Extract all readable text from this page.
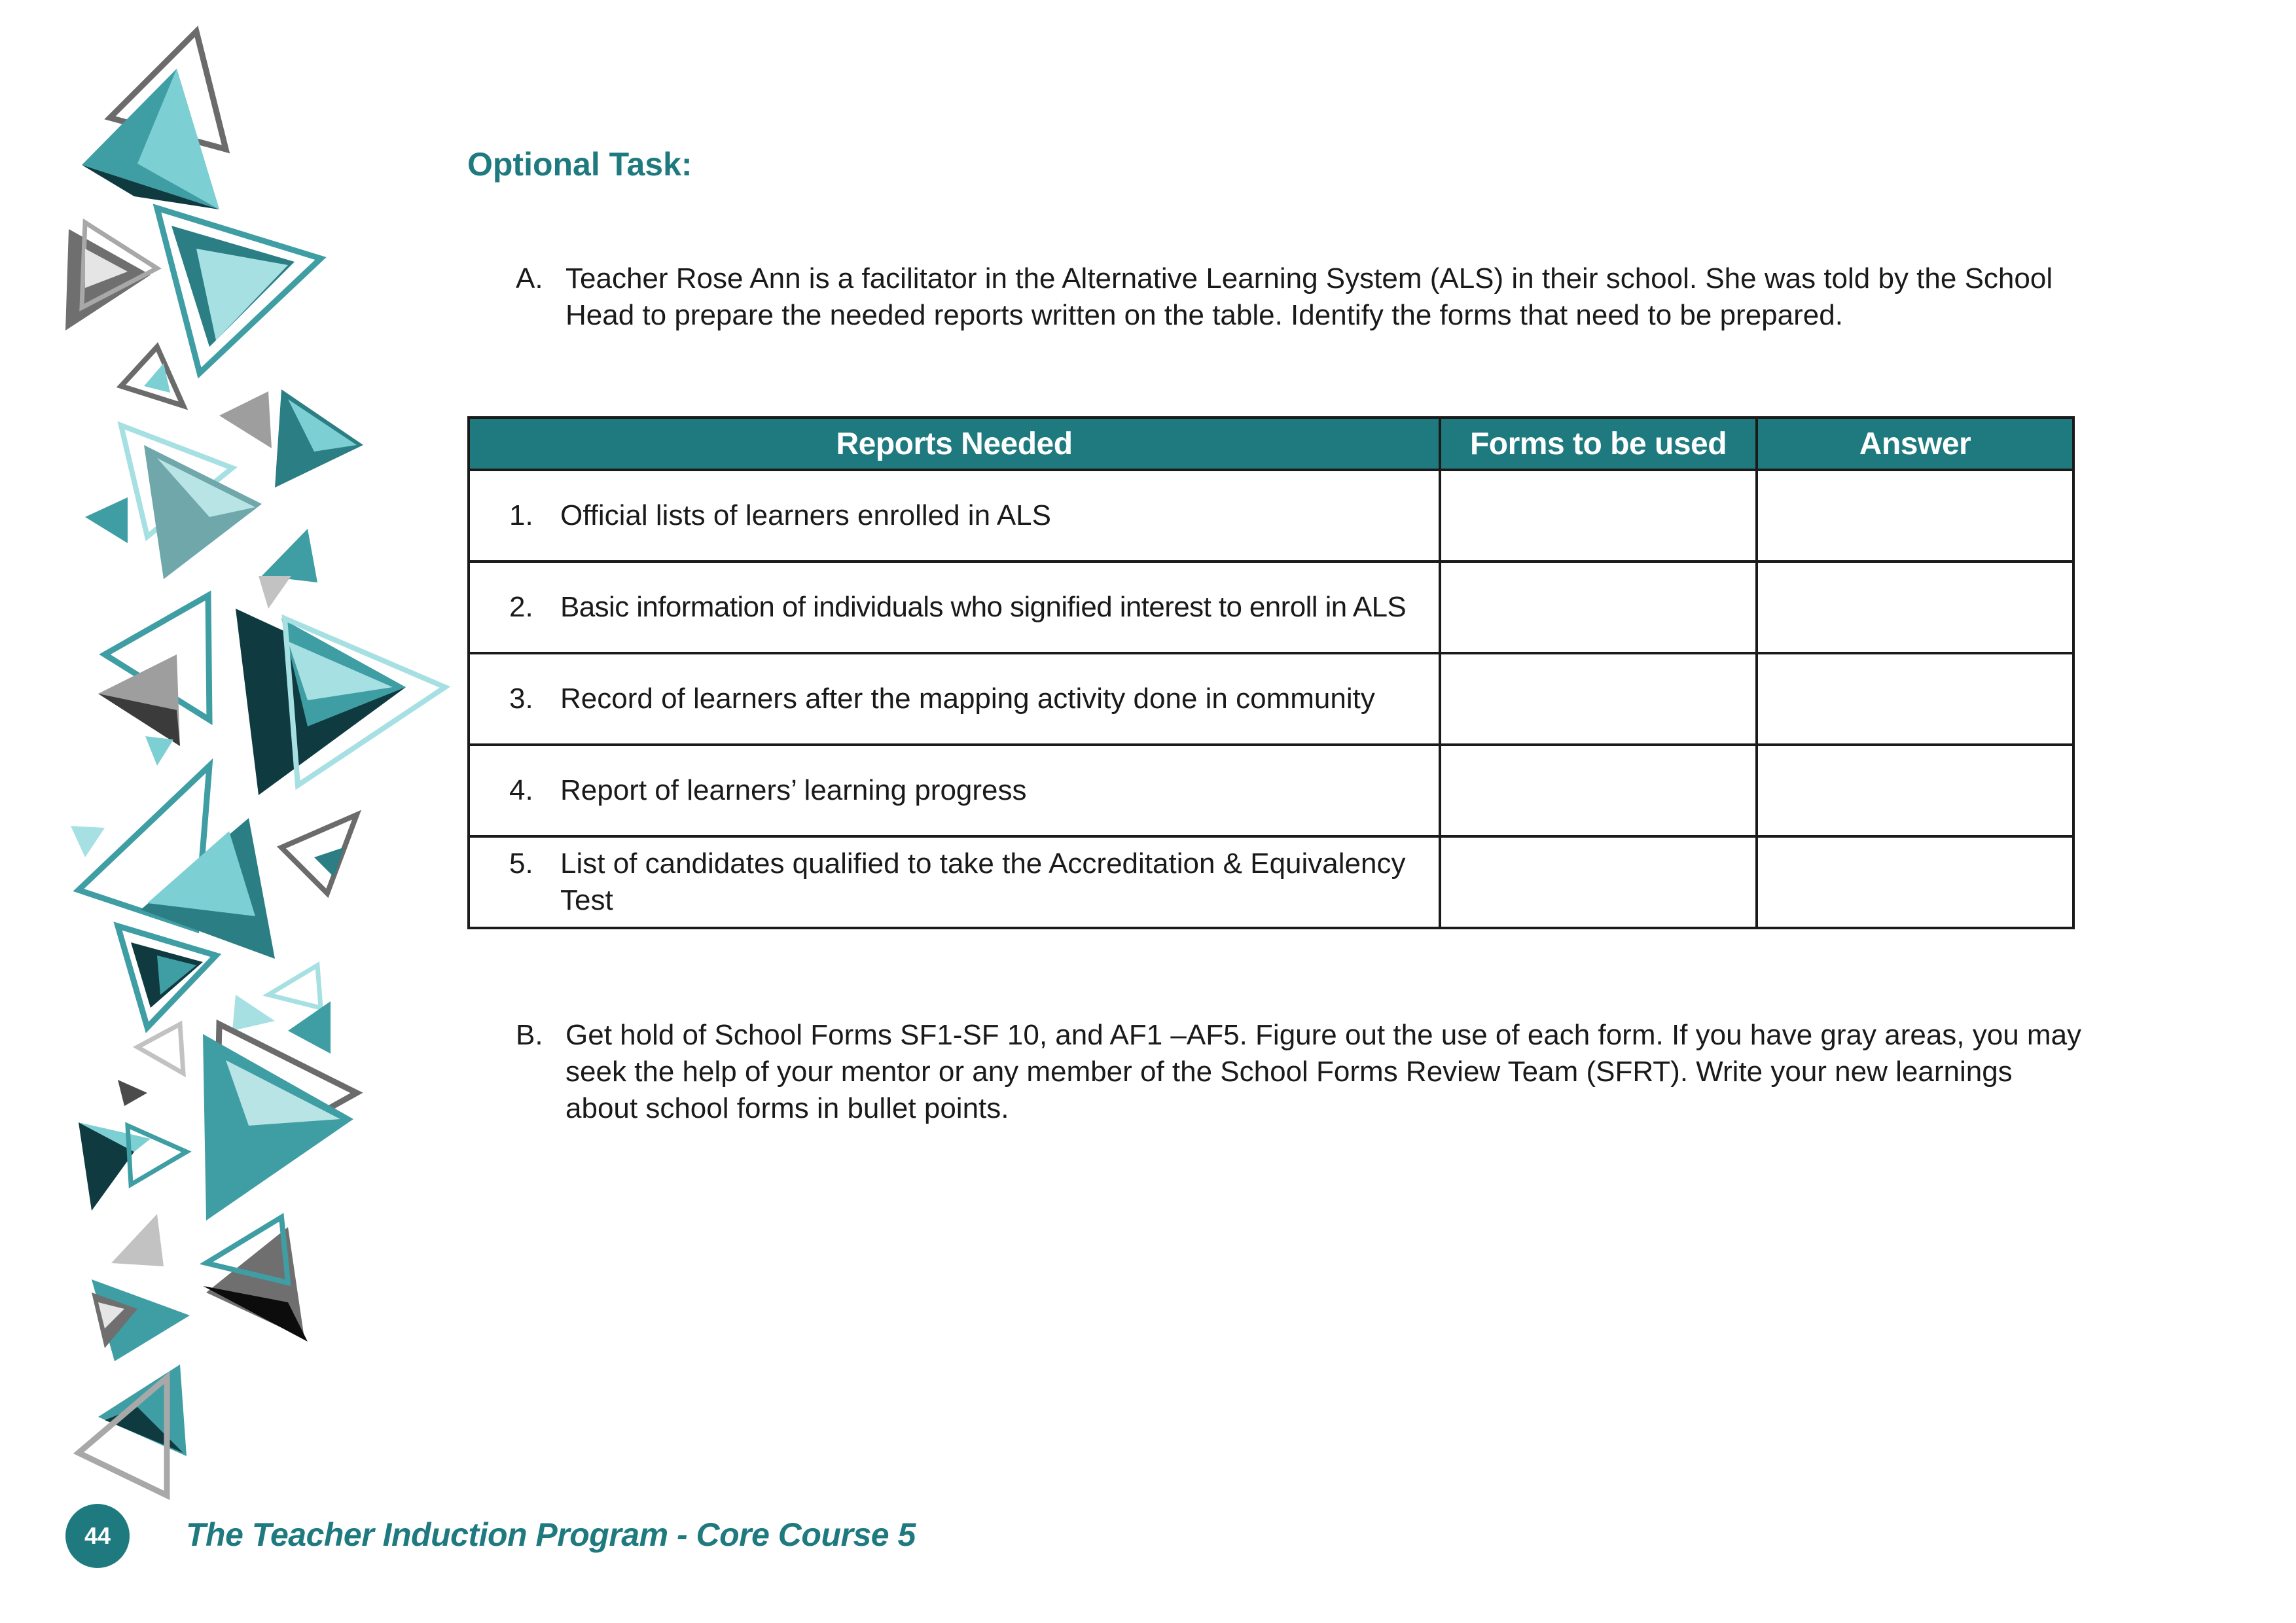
Optional Task:
A. Teacher Rose Ann is a facilitator in the Alternative Learning System (ALS) in their school. She was told by the School Head to prepare the needed reports written on the table. Identify the forms that need to be prepared.
Reports Needed	Forms to be used	Answer

1. Official lists of learners enrolled in ALS		

2. Basic information of individuals who signified interest to enroll in ALS		

3. Record of learners after the mapping activity done in community		

4. Report of learners’ learning progress		

5. List of candidates qualified to take the Accreditation & Equivalency Test		

B. Get hold of School Forms SF1-SF 10, and AF1 –AF5. Figure out the use of each form. If you have gray areas, you may seek the help of your mentor or any member of the School Forms Review Team (SFRT). Write your new learnings about school forms in bullet points.
44	The Teacher Induction Program - Core Course 5
